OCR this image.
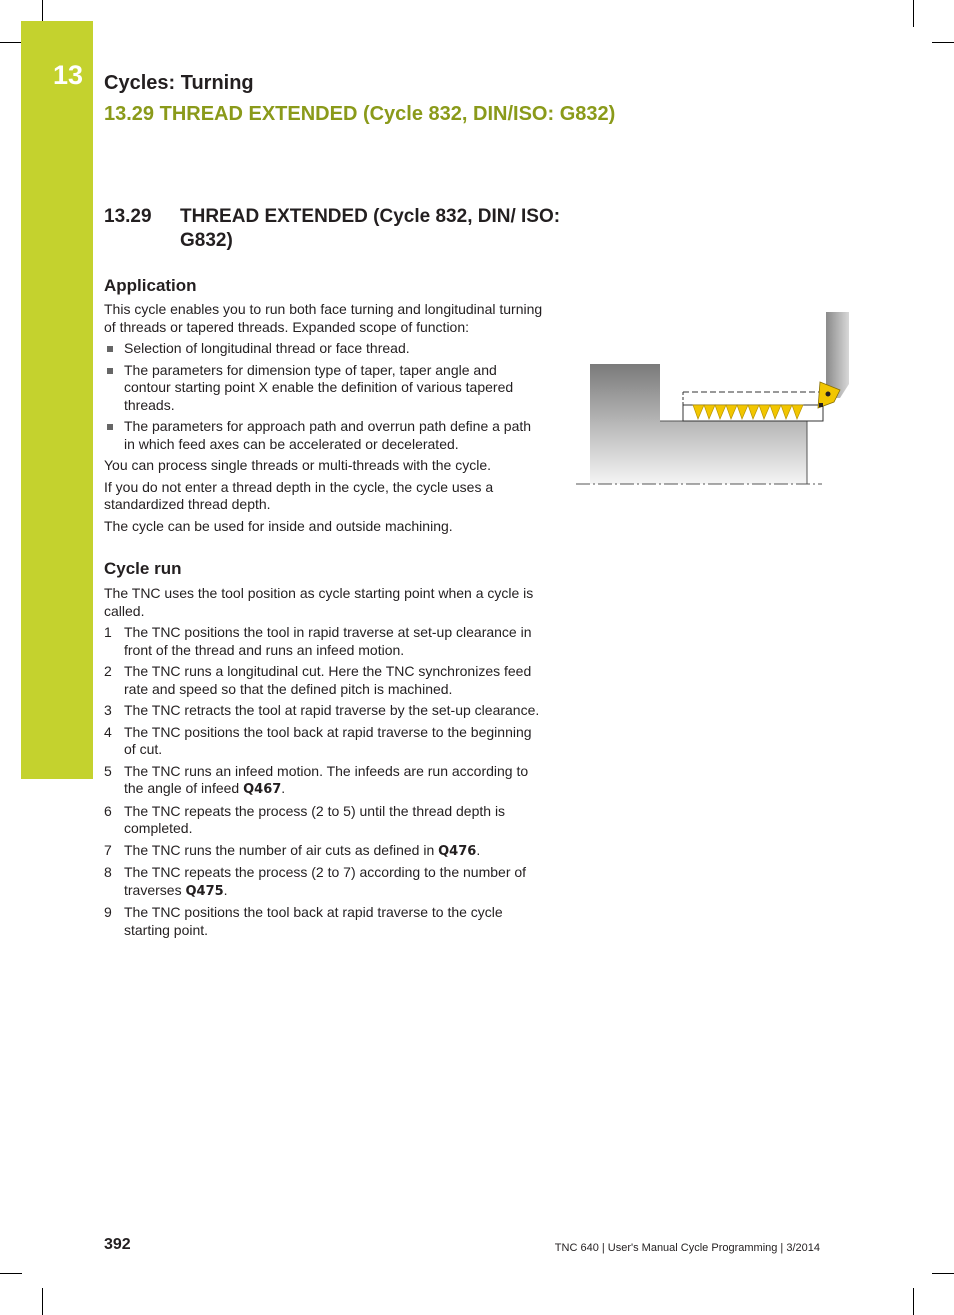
13 Cycles: Turning
13.29 THREAD EXTENDED (Cycle 832, DIN/ISO: G832)
13.29 THREAD EXTENDED (Cycle 832, DIN/ ISO: G832)
Application

This cycle enables you to run both face turning and longitudinal turning of threads or tapered threads. Expanded scope of function:

Selection of longitudinal thread or face thread.
The parameters for dimension type of taper, taper angle and contour starting point X enable the definition of various tapered threads.
The parameters for approach path and overrun path define a path in which feed axes can be accelerated or decelerated.

You can process single threads or multi-threads with the cycle.

If you do not enter a thread depth in the cycle, the cycle uses a standardized thread depth.

The cycle can be used for inside and outside machining.

Cycle run

The TNC uses the tool position as cycle starting point when a cycle is called.

1 The TNC positions the tool in rapid traverse at set-up clearance in front of the thread and runs an infeed motion.
2 The TNC runs a longitudinal cut. Here the TNC synchronizes feed rate and speed so that the defined pitch is machined.
3 The TNC retracts the tool at rapid traverse by the set-up clearance.
4 The TNC positions the tool back at rapid traverse to the beginning of cut.
5 The TNC runs an infeed motion. The infeeds are run according to the angle of infeed Q467.
6 The TNC repeats the process (2 to 5) until the thread depth is completed.
7 The TNC runs the number of air cuts as defined in Q476.
8 The TNC repeats the process (2 to 7) according to the number of traverses Q475.
9 The TNC positions the tool back at rapid traverse to the cycle starting point.
392	TNC 640 | User's Manual Cycle Programming | 3/2014
